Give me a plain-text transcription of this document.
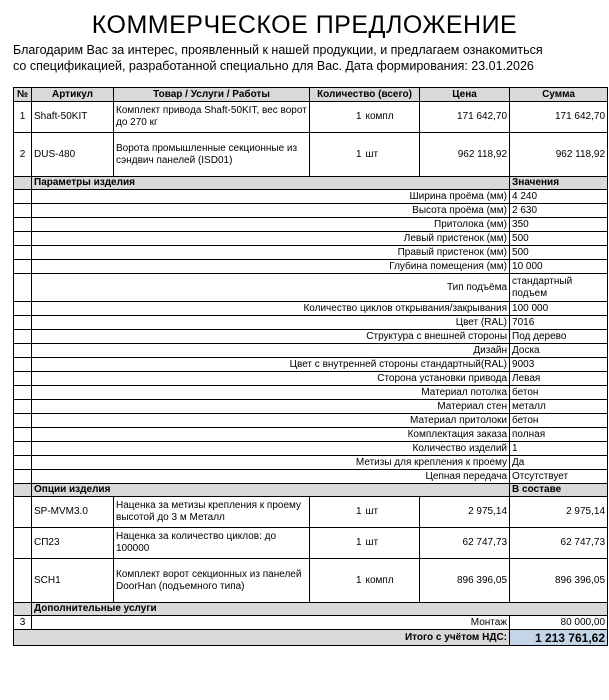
КОММЕРЧЕСКОЕ ПРЕДЛОЖЕНИЕ
Благодарим Вас за интерес, проявленный к нашей продукции, и предлагаем ознакомиться
со спецификацией, разработанной специально для Вас. Дата формирования: 23.01.2026
№	Артикул	Товар / Услуги / Работы	Количество (всего)		Цена	Сумма
1	Shaft-50KIT	Комплект привода Shaft-50KIT, вес ворот до 270 кг	1	компл	171 642,70	171 642,70
2	DUS-480	Ворота промышленные секционные из сэндвич панелей (ISD01)	1	шт	962 118,92	962 118,92
	Параметры изделия					Значения
	Ширина проёма (мм)					4 240
	Высота проёма (мм)					2 630
	Притолока (мм)					350
	Левый пристенок (мм)					500
	Правый пристенок (мм)					500
	Глубина помещения (мм)					10 000
	Тип подъёма					стандартный подъем
	Количество циклов открывания/закрывания					100 000
	Цвет (RAL)					7016
	Структура с внешней стороны					Под дерево
	Дизайн					Доска
	Цвет с внутренней стороны стандартный(RAL)					9003
	Сторона установки привода					Левая
	Материал потолка					бетон
	Материал стен					металл
	Материал притолоки					бетон
	Комплектация заказа					полная
	Количество изделий					1
	Метизы для крепления к проему					Да
	Цепная передача					Отсутствует
	Опции изделия					В составе
	SP-MVM3.0	Наценка за метизы крепления к проему высотой до 3 м Металл	1	шт	2 975,14	2 975,14
	СП23	Наценка за количество циклов: до 100000	1	шт	62 747,73	62 747,73
	SCH1	Комплект ворот секционных из панелей DoorHan (подъемного типа)	1	компл	896 396,05	896 396,05
	Дополнительные услуги					
3	Монтаж					80 000,00
Итого с учётом НДС:						1 213 761,62
